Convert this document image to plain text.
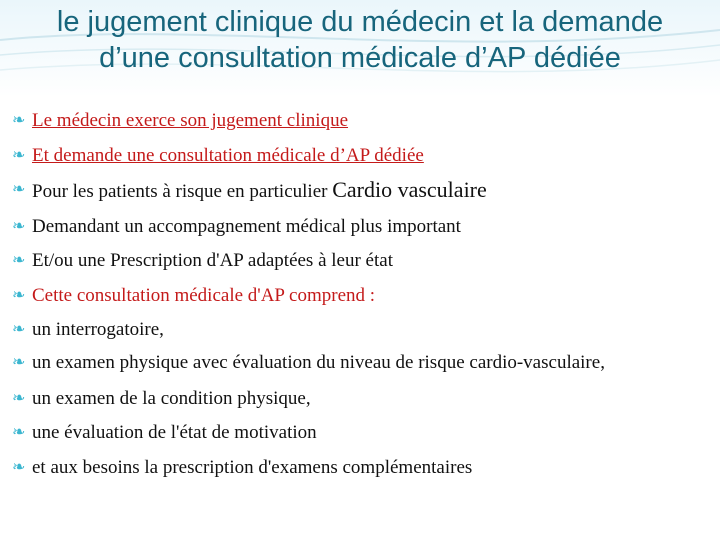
le jugement clinique du médecin et la demande
d’une consultation médicale d’AP dédiée
❧ Le médecin exerce son jugement clinique
❧ Et demande une consultation médicale d’AP dédiée
❧ Pour les patients à risque en particulier Cardio vasculaire
❧ Demandant un accompagnement médical plus important
❧ Et/ou une Prescription d'AP adaptées à leur état
❧ Cette consultation médicale d'AP comprend :
❧ un interrogatoire,
❧ un examen physique avec évaluation du niveau de risque cardio-vasculaire,
❧ un examen de la condition physique,
❧ une évaluation de l'état de motivation
❧ et aux besoins la prescription d'examens complémentaires
